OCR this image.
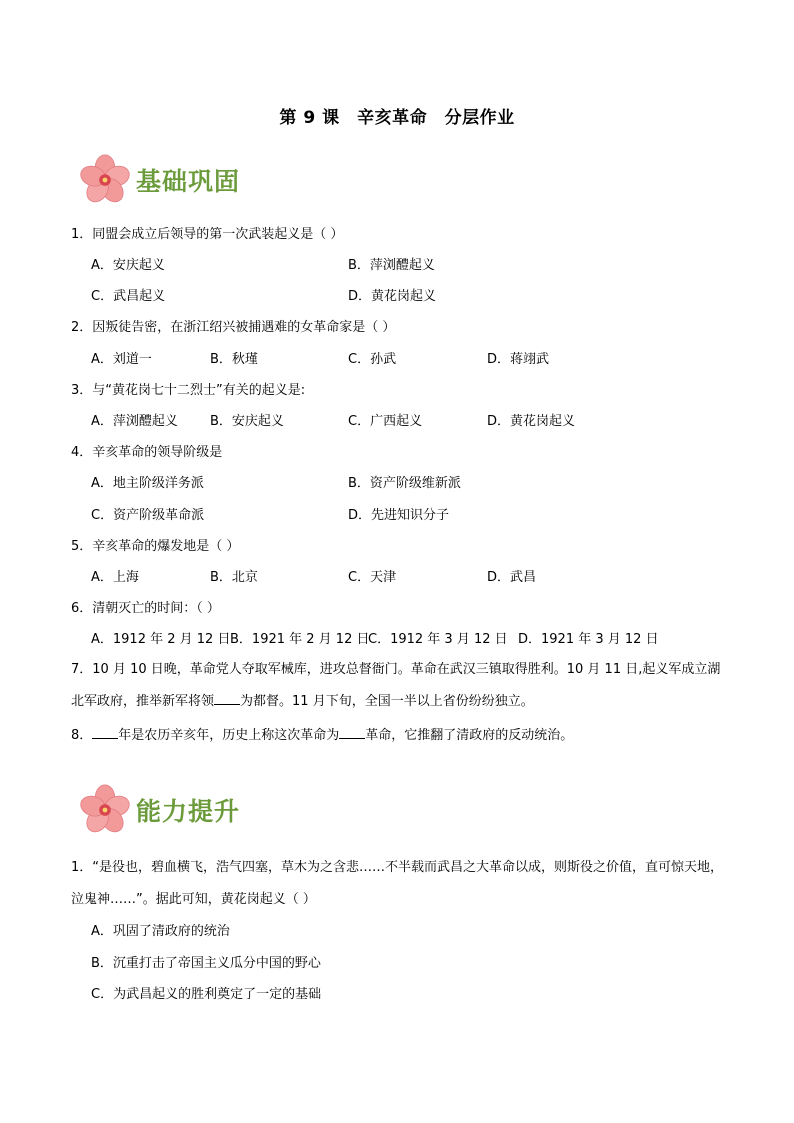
第 9 课　辛亥革命　分层作业
基础巩固
1．同盟会成立后领导的第一次武装起义是（ ）
A．安庆起义	B．萍浏醴起义
C．武昌起义	D．黄花岗起义
2．因叛徒告密，在浙江绍兴被捕遇难的女革命家是（ ）
A．刘道一	B．秋瑾	C．孙武	D．蒋翊武
3．与“黄花岗七十二烈士”有关的起义是:
A．萍浏醴起义 B．安庆起义	C．广西起义	D．黄花岗起义
4．辛亥革命的领导阶级是
A．地主阶级洋务派	B．资产阶级维新派
C．资产阶级革命派	D．先进知识分子
5．辛亥革命的爆发地是（ ）
A．上海	B．北京	C．天津	D．武昌
6．清朝灭亡的时间：（ ）
A．1912 年 2 月 12 日 B．1921 年 2 月 12 日
C．1912 年 3 月 12 日 D．1921 年 3 月 12 日
7．10 月 10 日晚，革命党人夺取军械库，进攻总督衙门。革命在武汉三镇取得胜利。10 月 11 日,起义军成立湖北军政府，推举新军将领 为都督。11 月下旬，全国一半以上省份纷纷独立。
8． 年是农历辛亥年，历史上称这次革命为 革命，它推翻了清政府的反动统治。
能力提升
1．“是役也，碧血横飞，浩气四塞，草木为之含悲……不半载而武昌之大革命以成，则斯役之价值，直可惊天地，泣鬼神……”。据此可知，黄花岗起义（ ）
A．巩固了清政府的统治
B．沉重打击了帝国主义瓜分中国的野心
C．为武昌起义的胜利奠定了一定的基础
